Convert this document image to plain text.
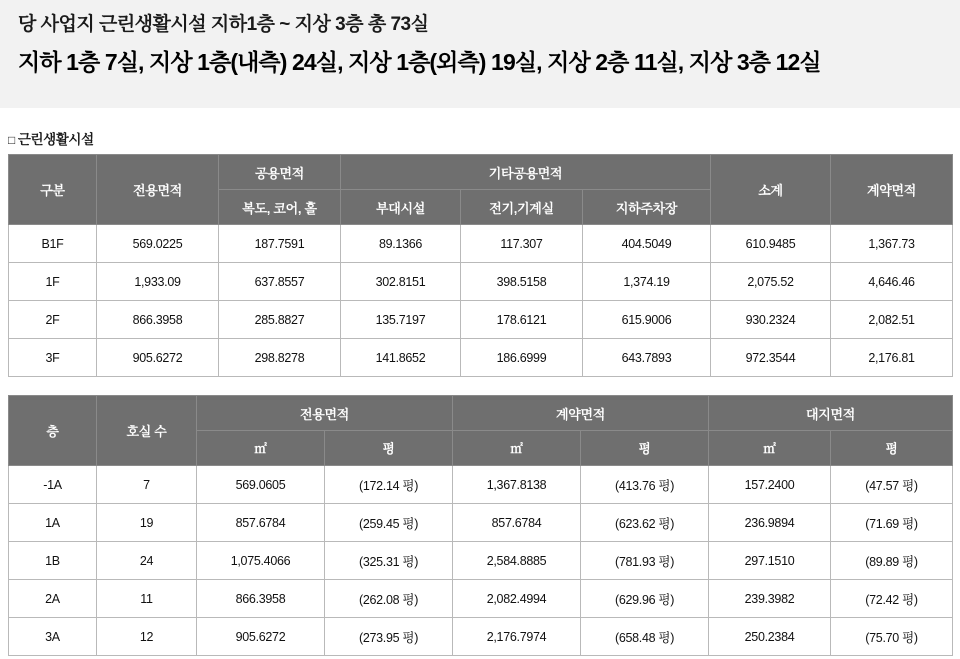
당 사업지 근린생활시설 지하1층 ~ 지상 3층 총 73실
지하 1층 7실, 지상 1층(내측) 24실, 지상 1층(외측) 19실, 지상 2층 11실, 지상 3층 12실
□ 근린생활시설
구분	전용면적	공용면적	기타공용면적			소계	계약면적
		복도, 코어, 홀	부대시설	전기,기계실	지하주차장		
B1F	569.0225	187.7591	89.1366	117.307	404.5049	610.9485	1,367.73
1F	1,933.09	637.8557	302.8151	398.5158	1,374.19	2,075.52	4,646.46
2F	866.3958	285.8827	135.7197	178.6121	615.9006	930.2324	2,082.51
3F	905.6272	298.8278	141.8652	186.6999	643.7893	972.3544	2,176.81
층	호실 수	전용면적		계약면적		대지면적	
		㎡	평	㎡	평	㎡	평
-1A	7	569.0605	(172.14 평)	1,367.8138	(413.76 평)	157.2400	(47.57 평)
1A	19	857.6784	(259.45 평)	857.6784	(623.62 평)	236.9894	(71.69 평)
1B	24	1,075.4066	(325.31 평)	2,584.8885	(781.93 평)	297.1510	(89.89 평)
2A	11	866.3958	(262.08 평)	2,082.4994	(629.96 평)	239.3982	(72.42 평)
3A	12	905.6272	(273.95 평)	2,176.7974	(658.48 평)	250.2384	(75.70 평)
